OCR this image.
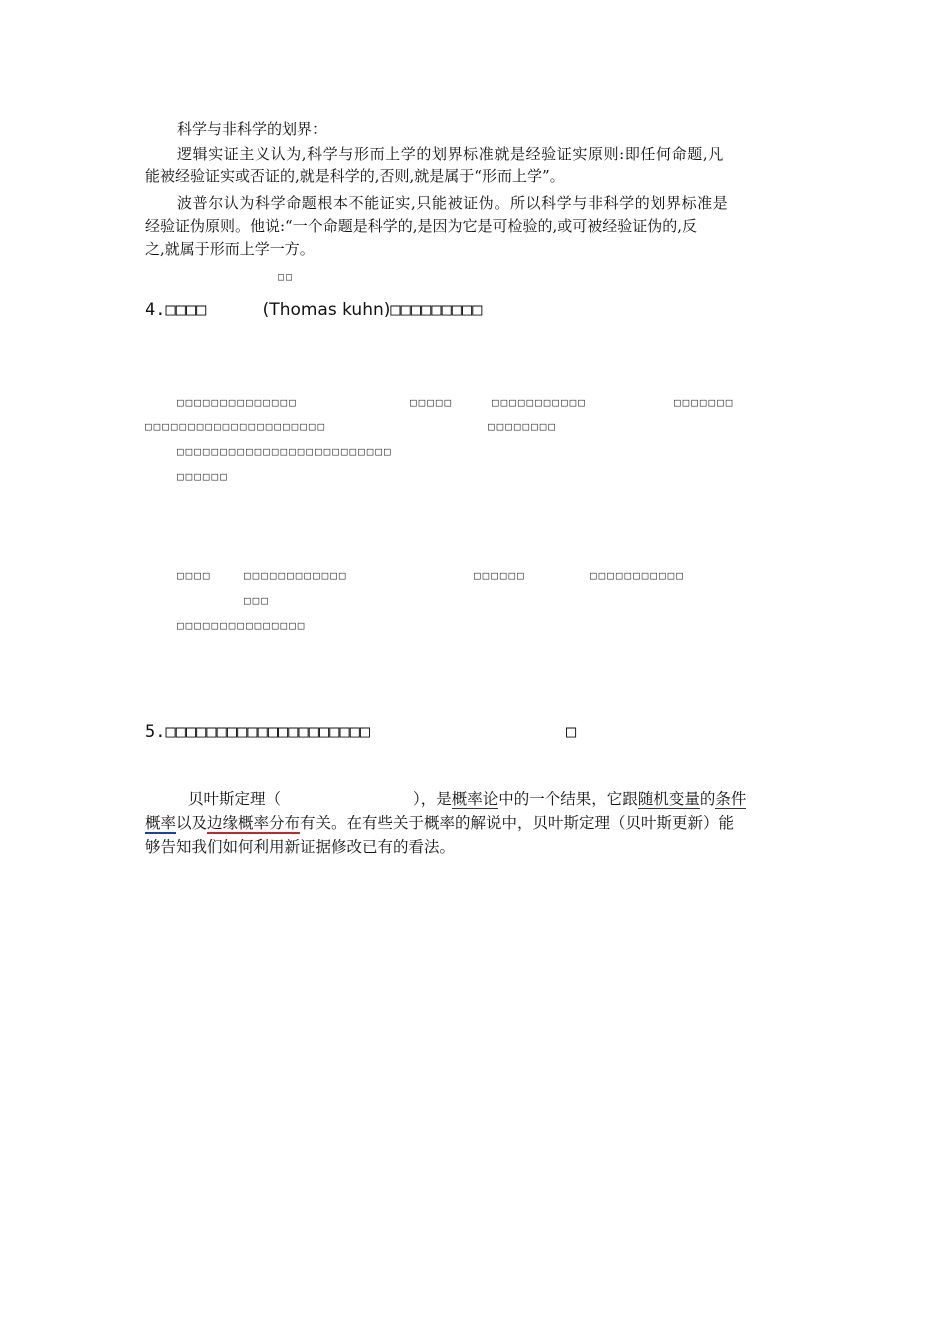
科学与非科学的划界：
逻辑实证主义认为,科学与形而上学的划界标准就是经验证实原则:即任何命题,凡
能被经验证实或否证的,就是科学的,否则,就是属于“形而上学”。
波普尔认为科学命题根本不能证实,只能被证伪。所以科学与非科学的划界标准是
经验证伪原则。他说:“一个命题是科学的,是因为它是可检验的,或可被经验证伪的,反
之,就属于形而上学一方。
□□
4.□□□□	(Thomas kuhn)□□□□□□□□□
□□□□□□□□□□□□□□	□□□□□	□□□□□□□□□□□	□□□□□□□
□□□□□□□□□□□□□□□□□□□□□	□□□□□□□□
□□□□□□□□□□□□□□□□□□□□□□□□□
□□□□□□
□□□□	□□□□□□□□□□□□	□□□□□□	□□□□□□□□□□□
□□□
□□□□□□□□□□□□□□□
5.□□□□□□□□□□□□□□□□□□□□	□
贝叶斯定理（	），是概率论中的一个结果，它跟随机变量的条件
概率以及边缘概率分布有关。在有些关于概率的解说中，贝叶斯定理（贝叶斯更新）能
够告知我们如何利用新证据修改已有的看法。
